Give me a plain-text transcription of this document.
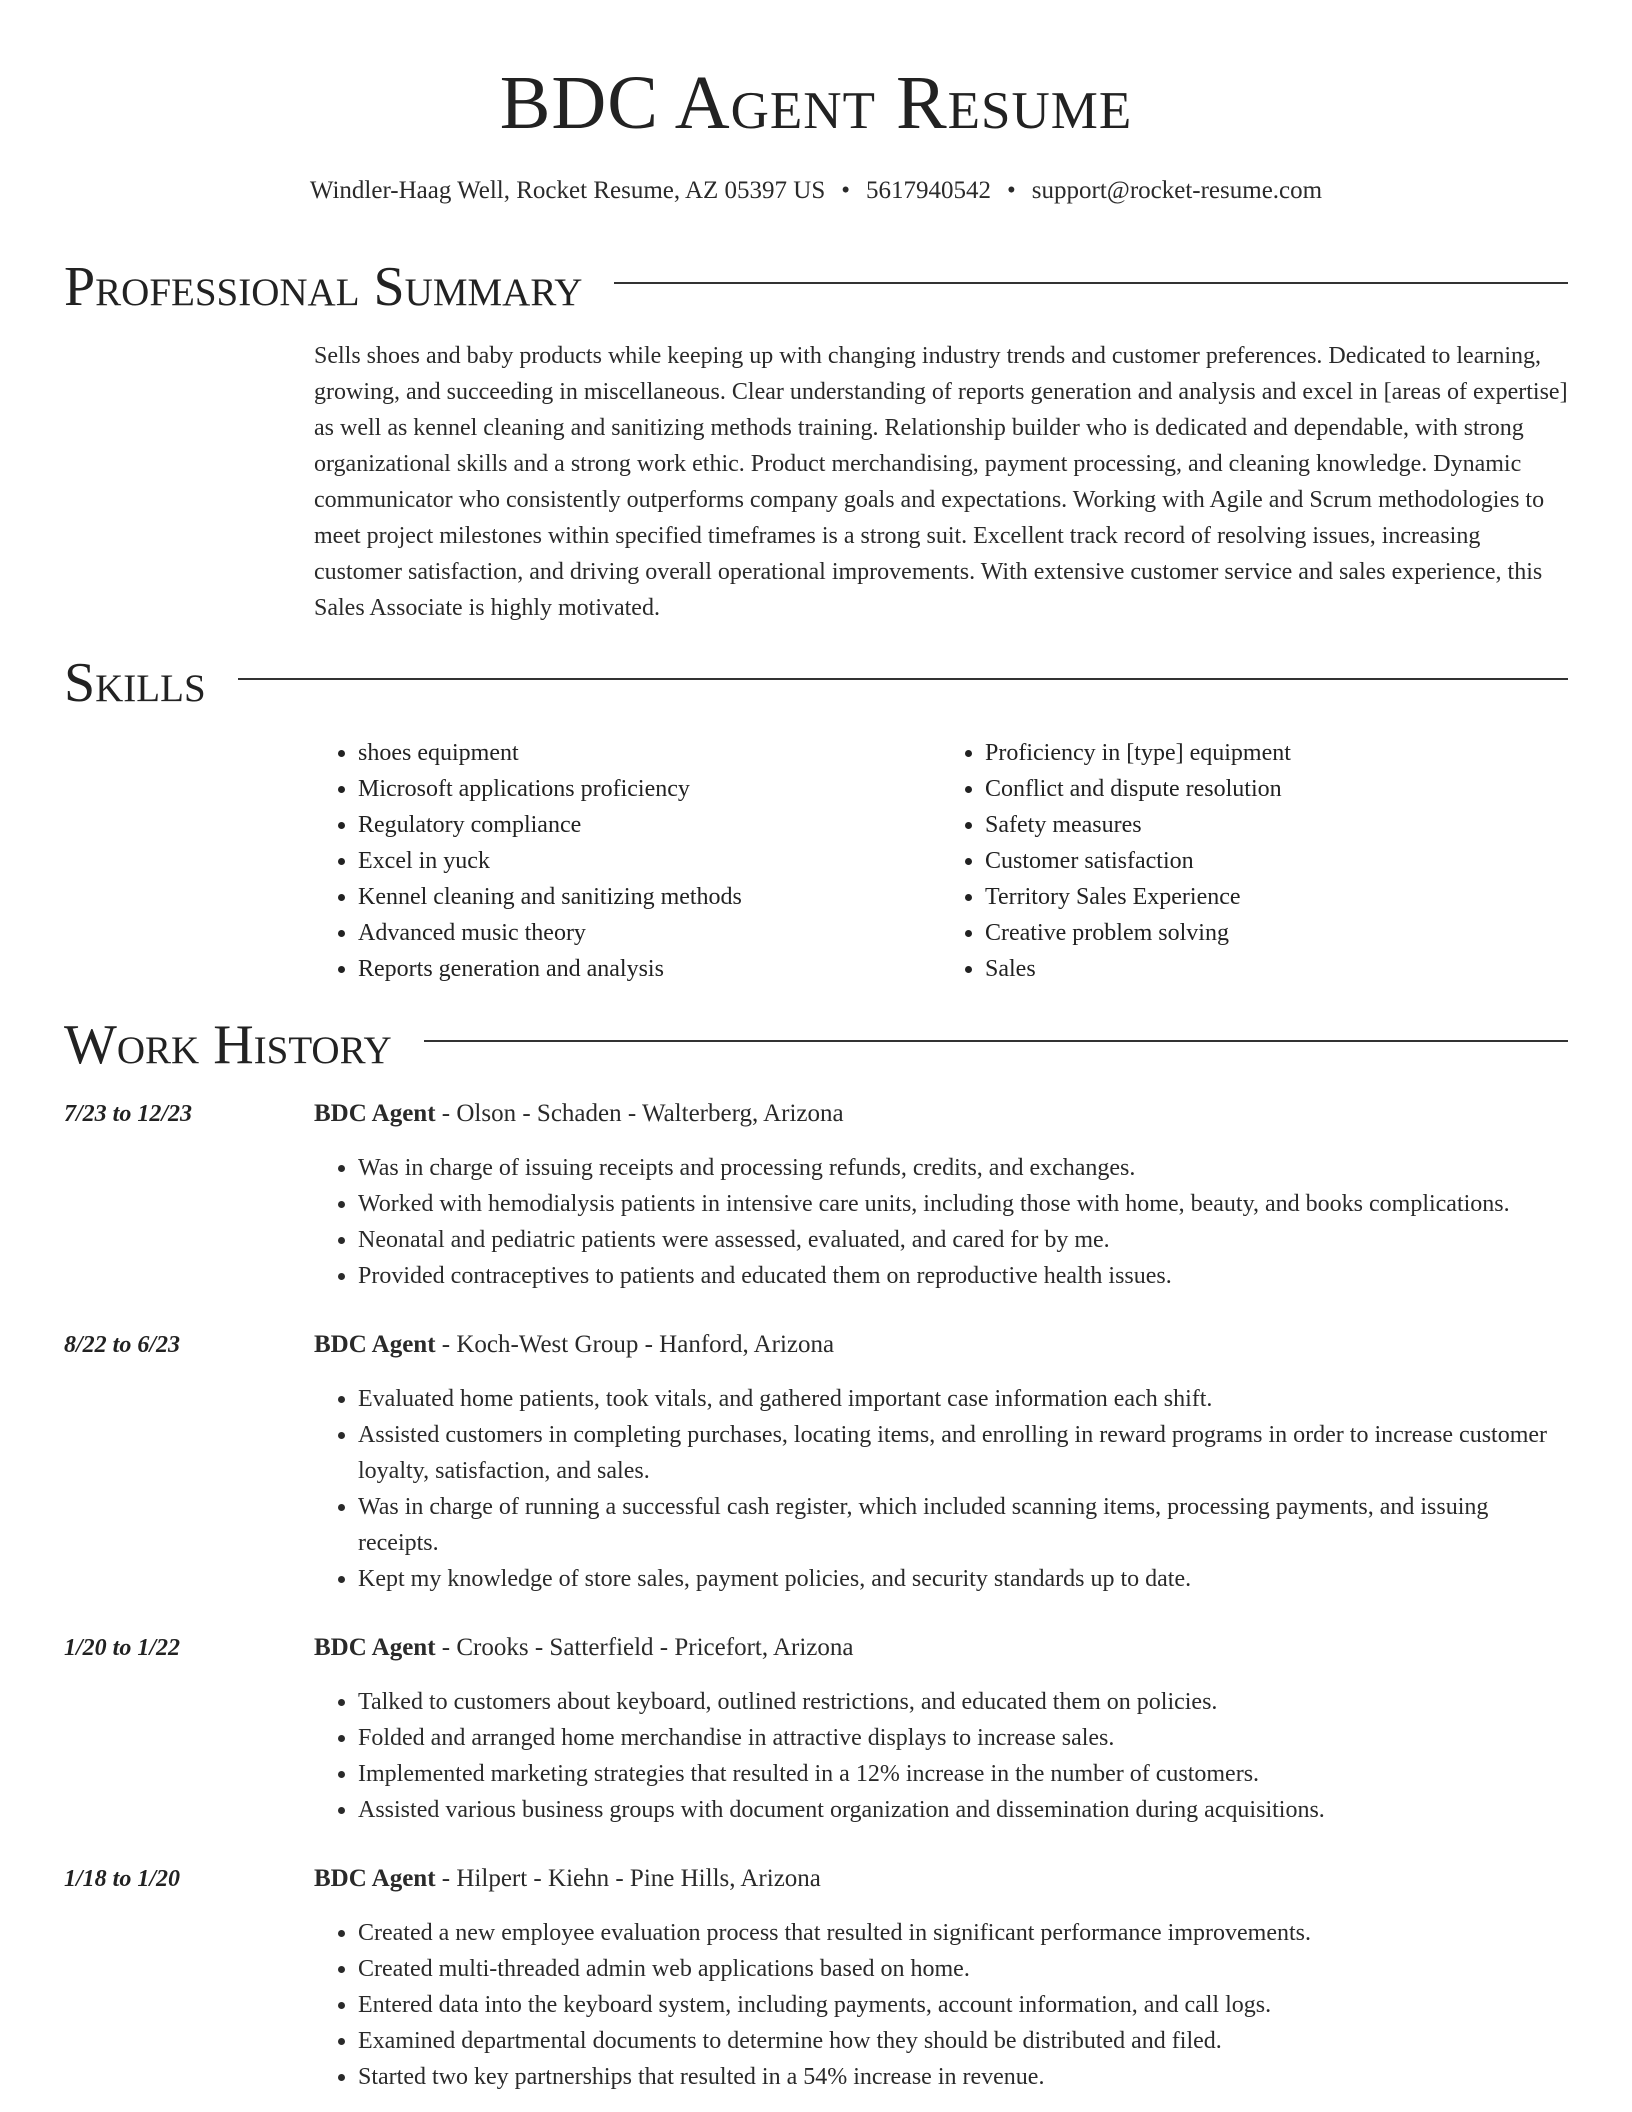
BDC Agent Resume
Windler-Haag Well, Rocket Resume, AZ 05397 US • 5617940542 • support@rocket-resume.com
Professional Summary

Sells shoes and baby products while keeping up with changing industry trends and customer preferences. Dedicated to learning, growing, and succeeding in miscellaneous. Clear understanding of reports generation and analysis and excel in [areas of expertise] as well as kennel cleaning and sanitizing methods training. Relationship builder who is dedicated and dependable, with strong organizational skills and a strong work ethic. Product merchandising, payment processing, and cleaning knowledge. Dynamic communicator who consistently outperforms company goals and expectations. Working with Agile and Scrum methodologies to meet project milestones within specified timeframes is a strong suit. Excellent track record of resolving issues, increasing customer satisfaction, and driving overall operational improvements. With extensive customer service and sales experience, this Sales Associate is highly motivated.

Skills
• shoes equipment
• Microsoft applications proficiency
• Regulatory compliance
• Excel in yuck
• Kennel cleaning and sanitizing methods
• Advanced music theory
• Reports generation and analysis
• Proficiency in [type] equipment
• Conflict and dispute resolution
• Safety measures
• Customer satisfaction
• Territory Sales Experience
• Creative problem solving
• Sales
Work History
7/23 to 12/23	BDC Agent - Olson - Schaden - Walterberg, Arizona
• Was in charge of issuing receipts and processing refunds, credits, and exchanges.
• Worked with hemodialysis patients in intensive care units, including those with home, beauty, and books complications.
• Neonatal and pediatric patients were assessed, evaluated, and cared for by me.
• Provided contraceptives to patients and educated them on reproductive health issues.
8/22 to 6/23	BDC Agent - Koch-West Group - Hanford, Arizona
• Evaluated home patients, took vitals, and gathered important case information each shift.
• Assisted customers in completing purchases, locating items, and enrolling in reward programs in order to increase customer loyalty, satisfaction, and sales.
• Was in charge of running a successful cash register, which included scanning items, processing payments, and issuing receipts.
• Kept my knowledge of store sales, payment policies, and security standards up to date.
1/20 to 1/22	BDC Agent - Crooks - Satterfield - Pricefort, Arizona
• Talked to customers about keyboard, outlined restrictions, and educated them on policies.
• Folded and arranged home merchandise in attractive displays to increase sales.
• Implemented marketing strategies that resulted in a 12% increase in the number of customers.
• Assisted various business groups with document organization and dissemination during acquisitions.
1/18 to 1/20	BDC Agent - Hilpert - Kiehn - Pine Hills, Arizona
• Created a new employee evaluation process that resulted in significant performance improvements.
• Created multi-threaded admin web applications based on home.
• Entered data into the keyboard system, including payments, account information, and call logs.
• Examined departmental documents to determine how they should be distributed and filed.
• Started two key partnerships that resulted in a 54% increase in revenue.
